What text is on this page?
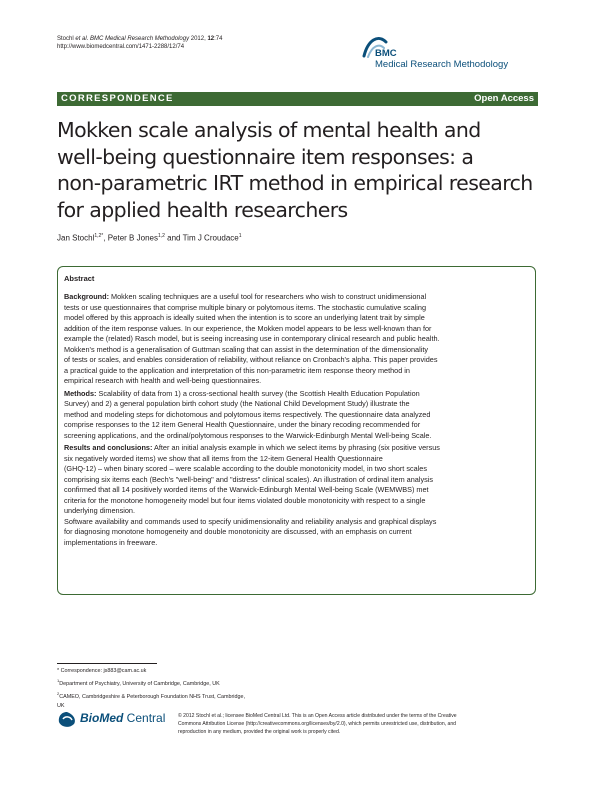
Stochl et al. BMC Medical Research Methodology 2012, 12:74
http://www.biomedcentral.com/1471-2288/12/74
BMC
Medical Research Methodology
CORRESPONDENCE	Open Access
Mokken scale analysis of mental health and
well-being questionnaire item responses: a
non-parametric IRT method in empirical research
for applied health researchers
Jan Stochl$^{1,2*}$, Peter B Jones$^{1,2}$ and Tim J Croudace$^1$
Abstract

Background: Mokken scaling techniques are a useful tool for researchers who wish to construct unidimensional
tests or use questionnaires that comprise multiple binary or polytomous items. The stochastic cumulative scaling
model offered by this approach is ideally suited when the intention is to score an underlying latent trait by simple
addition of the item response values. In our experience, the Mokken model appears to be less well-known than for
example the (related) Rasch model, but is seeing increasing use in contemporary clinical research and public health.
Mokken's method is a generalisation of Guttman scaling that can assist in the determination of the dimensionality
of tests or scales, and enables consideration of reliability, without reliance on Cronbach's alpha. This paper provides
a practical guide to the application and interpretation of this non-parametric item response theory method in
empirical research with health and well-being questionnaires.

Methods: Scalability of data from 1) a cross-sectional health survey (the Scottish Health Education Population
Survey) and 2) a general population birth cohort study (the National Child Development Study) illustrate the
method and modeling steps for dichotomous and polytomous items respectively. The questionnaire data analyzed
comprise responses to the 12 item General Health Questionnaire, under the binary recoding recommended for
screening applications, and the ordinal/polytomous responses to the Warwick-Edinburgh Mental Well-being Scale.

Results and conclusions: After an initial analysis example in which we select items by phrasing (six positive versus
six negatively worded items) we show that all items from the 12-item General Health Questionnaire
(GHQ-12) – when binary scored – were scalable according to the double monotonicity model, in two short scales
comprising six items each (Bech's "well-being" and "distress" clinical scales). An illustration of ordinal item analysis
confirmed that all 14 positively worded items of the Warwick-Edinburgh Mental Well-being Scale (WEMWBS) met
criteria for the monotone homogeneity model but four items violated double monotonicity with respect to a single
underlying dimension.
Software availability and commands used to specify unidimensionality and reliability analysis and graphical displays
for diagnosing monotone homogeneity and double monotonicity are discussed, with an emphasis on current
implementations in freeware.

* Correspondence: js883@cam.ac.uk
$^1$Department of Psychiatry, University of Cambridge, Cambridge, UK
$^2$CAMEO, Cambridgeshire & Peterborough Foundation NHS Trust, Cambridge,
UK
BioMed Central © 2012 Stochl et al.; licensee BioMed Central Ltd. This is an Open Access article distributed under the terms of the Creative
Commons Attribution License (http://creativecommons.org/licenses/by/2.0), which permits unrestricted use, distribution, and
reproduction in any medium, provided the original work is properly cited.
